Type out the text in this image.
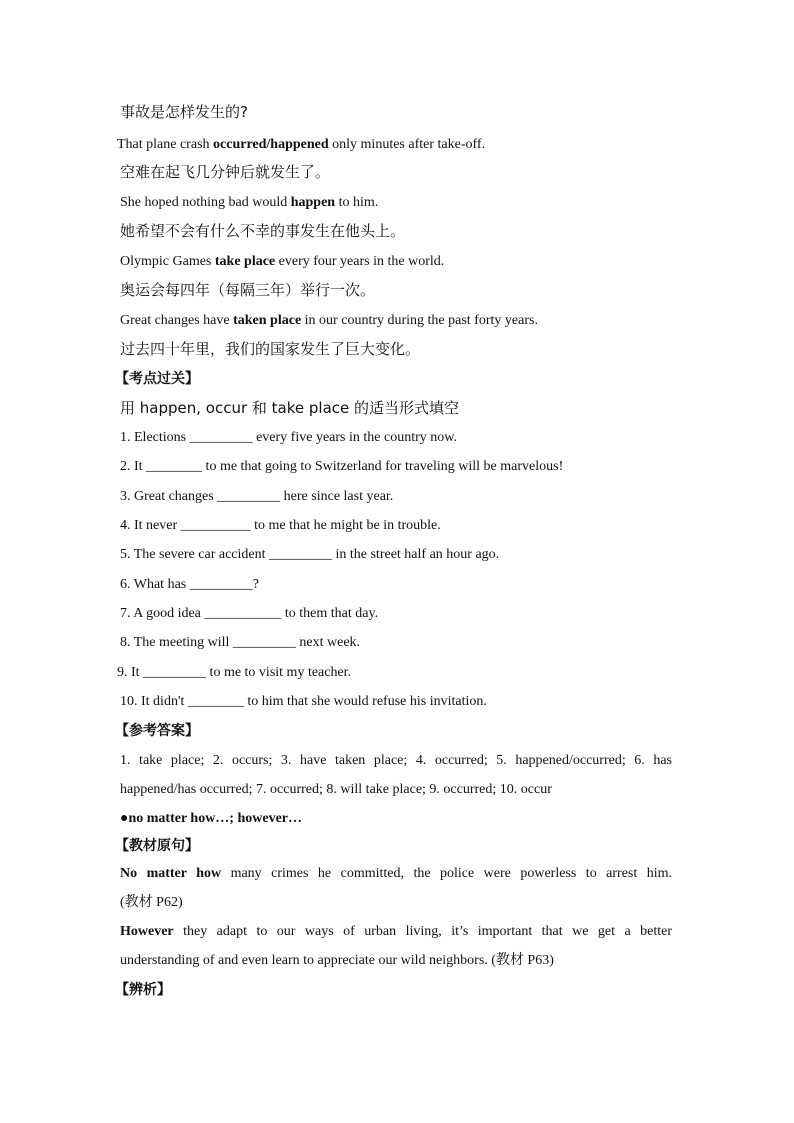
事故是怎样发生的?
That plane crash occurred/happened only minutes after take-off.
空难在起飞几分钟后就发生了。
She hoped nothing bad would happen to him.
她希望不会有什么不幸的事发生在他头上。
Olympic Games take place every four years in the world.
奥运会每四年（每隔三年）举行一次。
Great changes have taken place in our country during the past forty years.
过去四十年里，我们的国家发生了巨大变化。
【考点过关】
用 happen, occur 和 take place 的适当形式填空
1. Elections _________ every five years in the country now.
2. It ________ to me that going to Switzerland for traveling will be marvelous!
3. Great changes _________ here since last year.
4. It never __________ to me that he might be in trouble.
5. The severe car accident _________ in the street half an hour ago.
6. What has _________?
7. A good idea ___________ to them that day.
8. The meeting will _________ next week.
9. It _________ to me to visit my teacher.
10. It didn't ________ to him that she would refuse his invitation.
【参考答案】
1. take place; 2. occurs; 3. have taken place; 4. occurred; 5. happened/occurred; 6. has
happened/has occurred; 7. occurred; 8. will take place; 9. occurred; 10. occur
●no matter how…; however…
【教材原句】
No matter how many crimes he committed, the police were powerless to arrest him.
(教材 P62)
However they adapt to our ways of urban living, it’s important that we get a better
understanding of and even learn to appreciate our wild neighbors. (教材 P63)
【辨析】
